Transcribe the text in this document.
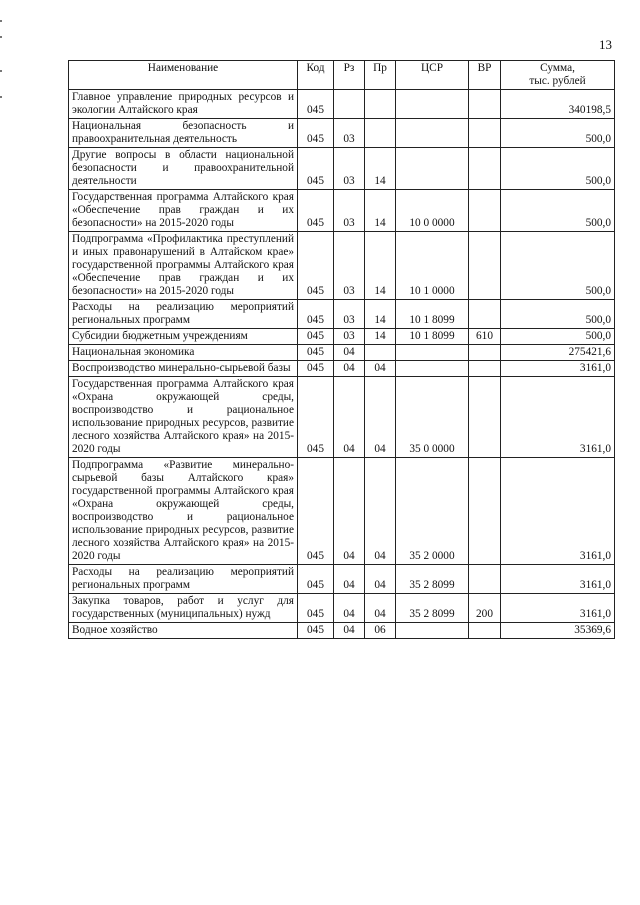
13
Наименование	Код	Рз	Пр	ЦСР	ВР	Сумма,
тыс. рублей
Главное управление природных ресурсов и экологии Алтайского края	045					340198,5
Национальная безопасность и правоохранительная деятельность	045	03				500,0
Другие вопросы в области национальной безопасности и правоохранительной деятельности	045	03	14			500,0
Государственная программа Алтайского края «Обеспечение прав граждан и их безопасности» на 2015-2020 годы	045	03	14	10 0 0000		500,0
Подпрограмма «Профилактика преступлений и иных правонарушений в Алтайском крае» государственной программы Алтайского края «Обеспечение прав граждан и их безопасности» на 2015-2020 годы	045	03	14	10 1 0000		500,0
Расходы на реализацию мероприятий региональных программ	045	03	14	10 1 8099		500,0
Субсидии бюджетным учреждениям	045	03	14	10 1 8099	610	500,0
Национальная экономика	045	04				275421,6
Воспроизводство минерально-сырьевой базы	045	04	04			3161,0
Государственная программа Алтайского края «Охрана окружающей среды, воспроизводство и рациональное использование природных ресурсов, развитие лесного хозяйства Алтайского края» на 2015-2020 годы	045	04	04	35 0 0000		3161,0
Подпрограмма «Развитие минерально-сырьевой базы Алтайского края» государственной программы Алтайского края «Охрана окружающей среды, воспроизводство и рациональное использование природных ресурсов, развитие лесного хозяйства Алтайского края» на 2015-2020 годы	045	04	04	35 2 0000		3161,0
Расходы на реализацию мероприятий региональных программ	045	04	04	35 2 8099		3161,0
Закупка товаров, работ и услуг для государственных (муниципальных) нужд	045	04	04	35 2 8099	200	3161,0
Водное хозяйство	045	04	06			35369,6
